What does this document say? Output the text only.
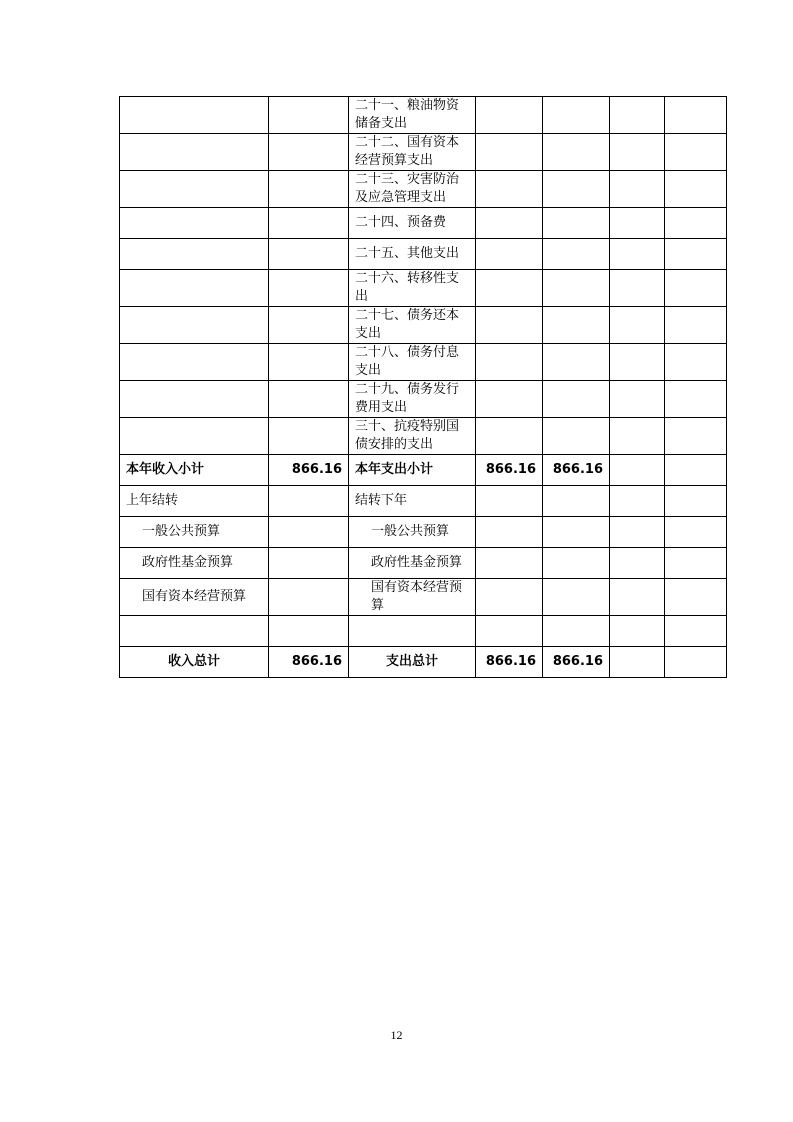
		二十一、粮油物资储备支出				
		二十二、国有资本经营预算支出				
		二十三、灾害防治及应急管理支出				
		二十四、预备费				
		二十五、其他支出				
		二十六、转移性支出				
		二十七、债务还本支出				
		二十八、债务付息支出				
		二十九、债务发行费用支出				
		三十、抗疫特别国债安排的支出				
本年收入小计	866.16	本年支出小计	866.16	866.16		
上年结转		结转下年				
一般公共预算		一般公共预算				
政府性基金预算		政府性基金预算				
国有资本经营预算		国有资本经营预算				

收入总计	866.16	支出总计	866.16	866.16		
12
